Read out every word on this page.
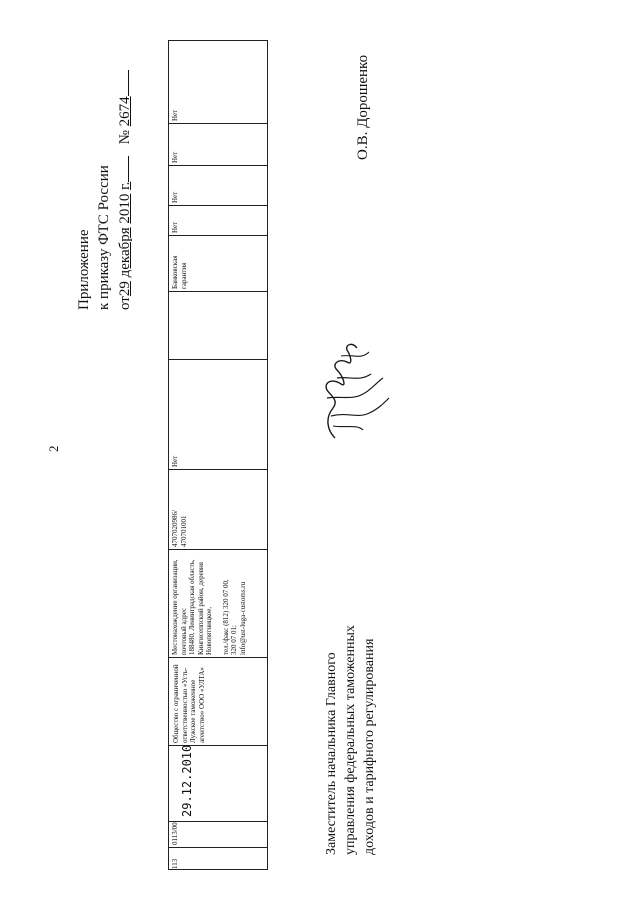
2
Приложение к приказу ФТС России от29 декабря 2010 г.   № 2674
113
0113/00
29.12.2010
Общество с ограниченной ответственностью «Усть-Лужское таможенное агентство» ООО «УЛТА»
Местонахождение организации, почтовый адрес 188480, Ленинградская область, Кингисеппский район, деревня Новопятницкое, тел./факс (812) 320 07 00, 320 07 01; info@ust-luga-customs.ru
4707020986/ 470701001
Нет
Банковская гарантия
Нет
Нет
Нет
Нет
Заместитель начальника Главного управления федеральных таможенных доходов и тарифного регулирования
О.В. Дорошенко
